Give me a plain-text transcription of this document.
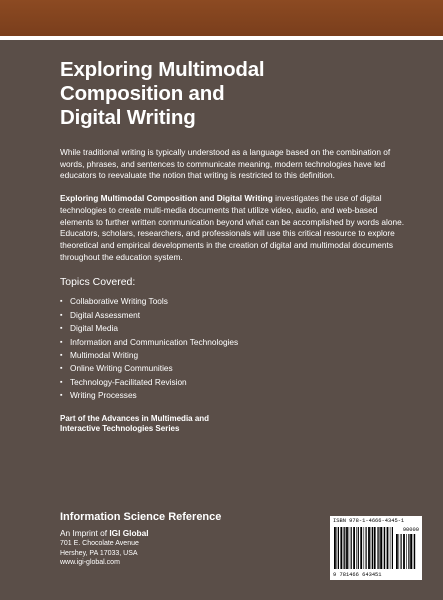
Exploring Multimodal
Composition and
Digital Writing

While traditional writing is typically understood as a language based on the combination of words, phrases, and sentences to communicate meaning, modern technologies have led educators to reevaluate the notion that writing is restricted to this definition.

Exploring Multimodal Composition and Digital Writing investigates the use of digital technologies to create multi-media documents that utilize video, audio, and web-based elements to further written communication beyond what can be accomplished by words alone. Educators, scholars, researchers, and professionals will use this critical resource to explore theoretical and empirical developments in the creation of digital and multimodal documents throughout the education system.

Topics Covered:
▪ Collaborative Writing Tools
▪ Digital Assessment
▪ Digital Media
▪ Information and Communication Technologies
▪ Multimodal Writing
▪ Online Writing Communities
▪ Technology-Facilitated Revision
▪ Writing Processes
Part of the Advances in Multimedia and
Interactive Technologies Series
Information Science Reference
An Imprint of IGI Global
701 E. Chocolate Avenue
Hershey, PA 17033, USA
www.igi-global.com
ISBN 978-1-4666-4345-1
90000
9 781466 643451
